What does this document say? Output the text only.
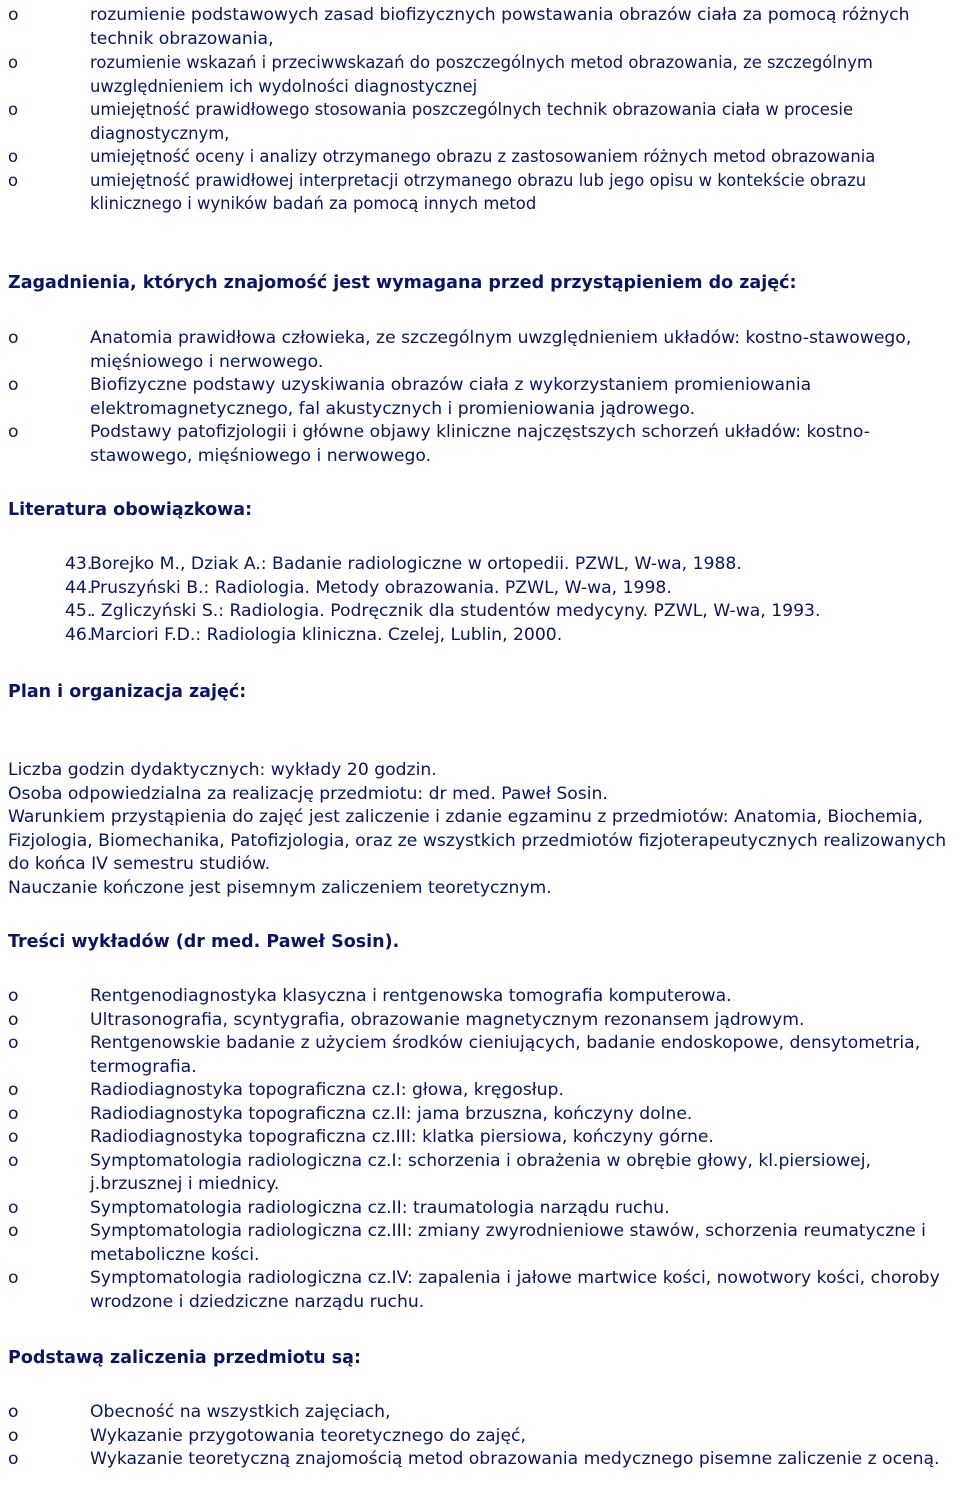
o	rozumienie podstawowych zasad biofizycznych powstawania obrazów ciała za pomocą różnych technik obrazowania,
o	rozumienie wskazań i przeciwwskazań do poszczególnych metod obrazowania, ze szczególnym uwzględnieniem ich wydolności diagnostycznej
o	umiejętność prawidłowego stosowania poszczególnych technik obrazowania ciała w procesie diagnostycznym,
o	umiejętność oceny i analizy otrzymanego obrazu z zastosowaniem różnych metod obrazowania
o	umiejętność prawidłowej interpretacji otrzymanego obrazu lub jego opisu w kontekście obrazu klinicznego i wyników badań za pomocą innych metod
Zagadnienia, których znajomość jest wymagana przed przystąpieniem do zajęć:
o	Anatomia prawidłowa człowieka, ze szczególnym uwzględnieniem układów: kostno-stawowego, mięśniowego i nerwowego.
o	Biofizyczne podstawy uzyskiwania obrazów ciała z wykorzystaniem promieniowania elektromagnetycznego, fal akustycznych i promieniowania jądrowego.
o	Podstawy patofizjologii i główne objawy kliniczne najczęstszych schorzeń układów: kostno-stawowego, mięśniowego i nerwowego.
Literatura obowiązkowa:
43.
Borejko M., Dziak A.: Badanie radiologiczne w ortopedii. PZWL, W-wa, 1988.
44.
Pruszyński B.: Radiologia. Metody obrazowania. PZWL, W-wa, 1998.
45.
. Zgliczyński S.: Radiologia. Podręcznik dla studentów medycyny. PZWL, W-wa, 1993.
46.
Marciori F.D.: Radiologia kliniczna. Czelej, Lublin, 2000.
Plan i organizacja zajęć:

Liczba godzin dydaktycznych: wykłady 20 godzin.

Osoba odpowiedzialna za realizację przedmiotu: dr med. Paweł Sosin.

Warunkiem przystąpienia do zajęć jest zaliczenie i zdanie egzaminu z przedmiotów: Anatomia, Biochemia, Fizjologia, Biomechanika, Patofizjologia, oraz ze wszystkich przedmiotów fizjoterapeutycznych realizowanych do końca IV semestru studiów.

Nauczanie kończone jest pisemnym zaliczeniem teoretycznym.

Treści wykładów (dr med. Paweł Sosin).
o	Rentgenodiagnostyka klasyczna i rentgenowska tomografia komputerowa.
o	Ultrasonografia, scyntygrafia, obrazowanie magnetycznym rezonansem jądrowym.
o	Rentgenowskie badanie z użyciem środków cieniujących, badanie endoskopowe, densytometria, termografia.
o	Radiodiagnostyka topograficzna cz.I: głowa, kręgosłup.
o	Radiodiagnostyka topograficzna cz.II: jama brzuszna, kończyny dolne.
o	Radiodiagnostyka topograficzna cz.III: klatka piersiowa, kończyny górne.
o	Symptomatologia radiologiczna cz.I: schorzenia i obrażenia w obrębie głowy, kl.piersiowej, j.brzusznej i miednicy.
o	Symptomatologia radiologiczna cz.II: traumatologia narządu ruchu.
o	Symptomatologia radiologiczna cz.III: zmiany zwyrodnieniowe stawów, schorzenia reumatyczne i metaboliczne kości.
o	Symptomatologia radiologiczna cz.IV: zapalenia i jałowe martwice kości, nowotwory kości, choroby wrodzone i dziedziczne narządu ruchu.
Podstawą zaliczenia przedmiotu są:
o	Obecność na wszystkich zajęciach,
o	Wykazanie przygotowania teoretycznego do zajęć,
o	Wykazanie teoretyczną znajomością metod obrazowania medycznego pisemne zaliczenie z oceną.
